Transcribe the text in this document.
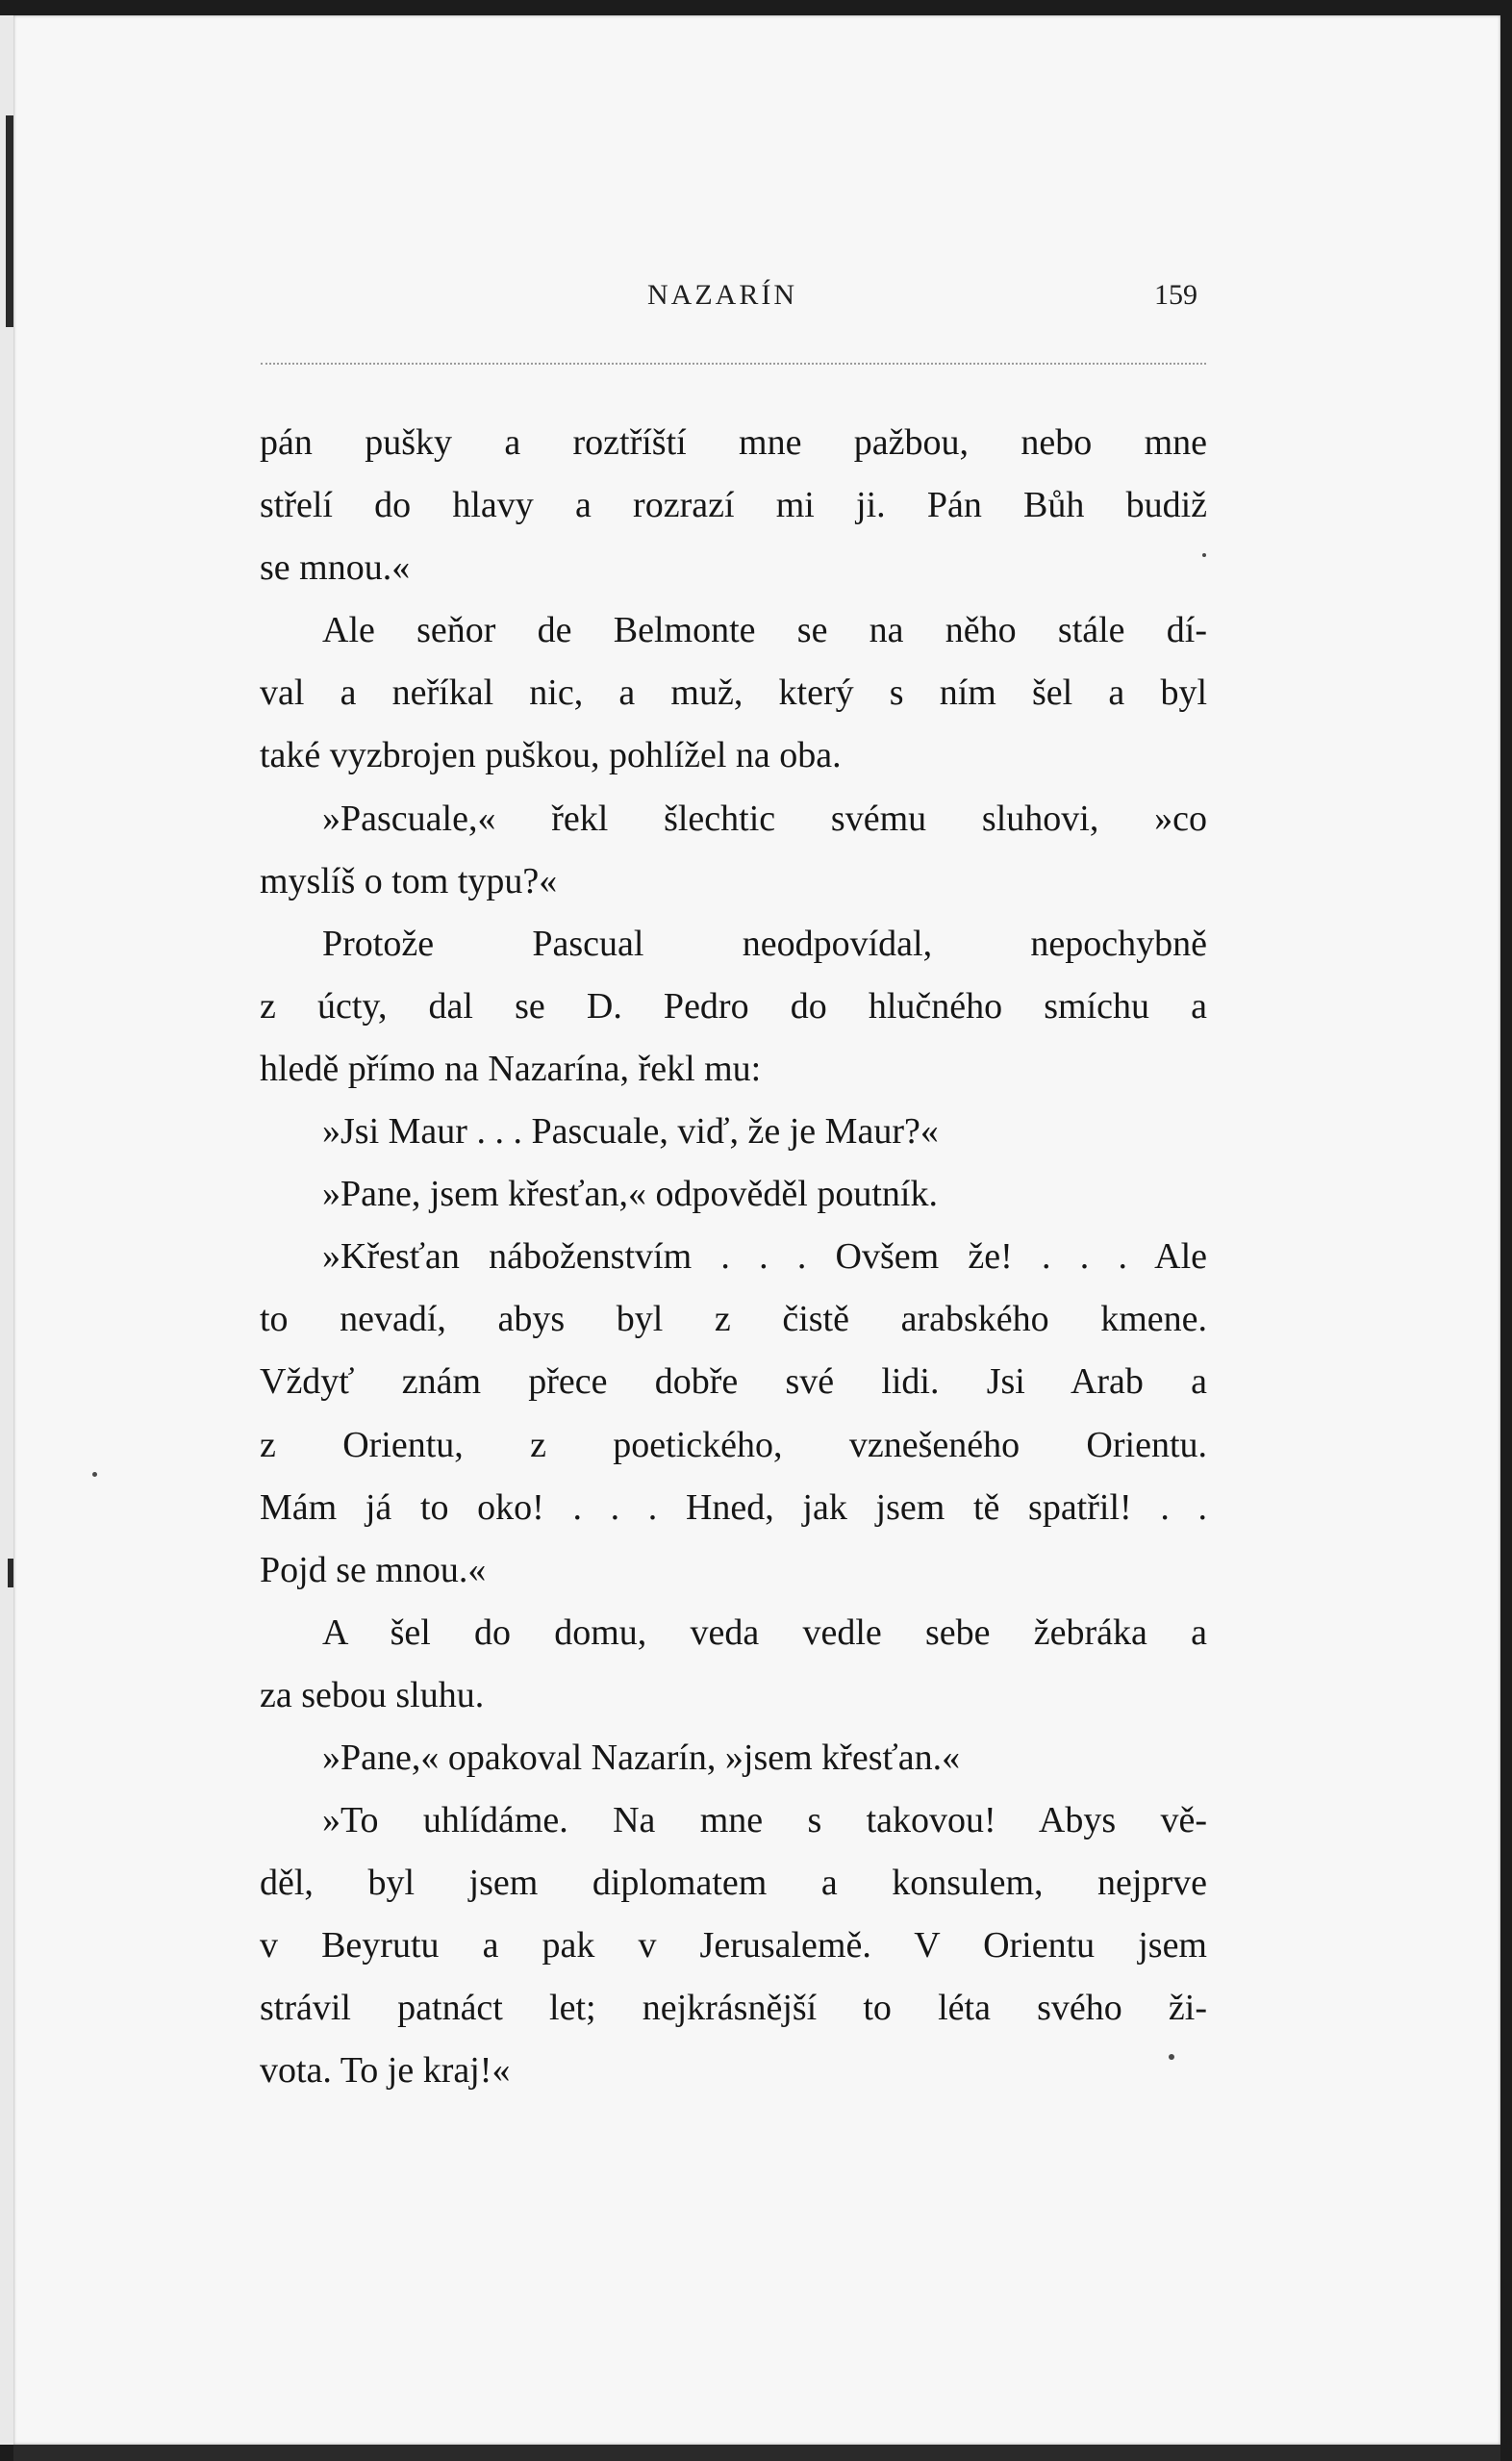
NAZARÍN	159
pán pušky a roztříští mne pažbou, nebo mne
střelí do hlavy a rozrazí mi ji. Pán Bůh budiž
se mnou.«
Ale seňor de Belmonte se na něho stále dí-
val a neříkal nic, a muž, který s ním šel a byl
také vyzbrojen puškou, pohlížel na oba.
»Pascuale,« řekl šlechtic svému sluhovi, »co
myslíš o tom typu?«
Protože Pascual neodpovídal, nepochybně
z úcty, dal se D. Pedro do hlučného smíchu a
hledě přímo na Nazarína, řekl mu:
»Jsi Maur . . . Pascuale, viď, že je Maur?«
»Pane, jsem křesťan,« odpověděl poutník.
»Křesťan náboženstvím . . . Ovšem že! . . . Ale
to nevadí, abys byl z čistě arabského kmene.
Vždyť znám přece dobře své lidi. Jsi Arab a
z Orientu, z poetického, vznešeného Orientu.
Mám já to oko! . . . Hned, jak jsem tě spatřil! . .
Pojd se mnou.«
A šel do domu, veda vedle sebe žebráka a
za sebou sluhu.
»Pane,« opakoval Nazarín, »jsem křesťan.«
»To uhlídáme. Na mne s takovou! Abys vě-
děl, byl jsem diplomatem a konsulem, nejprve
v Beyrutu a pak v Jerusalemě. V Orientu jsem
strávil patnáct let; nejkrásnější to léta svého ži-
vota. To je kraj!«
